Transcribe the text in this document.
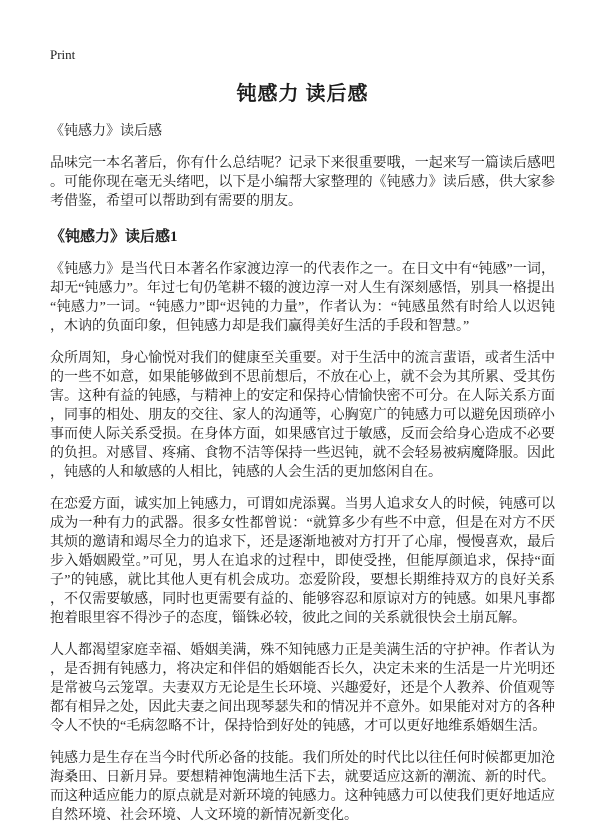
Print
钝感力 读后感

《钝感力》读后感

品味完一本名著后，你有什么总结呢？记录下来很重要哦，一起来写一篇读后感吧。可能你现在毫无头绪吧，以下是小编帮大家整理的《钝感力》读后感，供大家参考借鉴，希望可以帮助到有需要的朋友。

《钝感力》读后感1

《钝感力》是当代日本著名作家渡边淳一的代表作之一。在日文中有“钝感”一词，却无“钝感力”。年过七旬仍笔耕不辍的渡边淳一对人生有深刻感悟，别具一格提出“钝感力”一词。“钝感力”即“迟钝的力量”，作者认为：“钝感虽然有时给人以迟钝，木讷的负面印象，但钝感力却是我们赢得美好生活的手段和智慧。”

众所周知，身心愉悦对我们的健康至关重要。对于生活中的流言蜚语，或者生活中的一些不如意，如果能够做到不思前想后，不放在心上，就不会为其所累、受其伤害。这种有益的钝感，与精神上的安定和保持心情愉快密不可分。在人际关系方面，同事的相处、朋友的交往、家人的沟通等，心胸宽广的钝感力可以避免因琐碎小事而使人际关系受损。在身体方面，如果感官过于敏感，反而会给身心造成不必要的负担。对感冒、疼痛、食物不洁等保持一些迟钝，就不会轻易被病魔降服。因此，钝感的人和敏感的人相比，钝感的人会生活的更加悠闲自在。

在恋爱方面，诚实加上钝感力，可谓如虎添翼。当男人追求女人的时候，钝感可以成为一种有力的武器。很多女性都曾说：“就算多少有些不中意，但是在对方不厌其烦的邀请和竭尽全力的追求下，还是逐渐地被对方打开了心扉，慢慢喜欢，最后步入婚姻殿堂。”可见，男人在追求的过程中，即使受挫，但能厚颜追求，保持“面子”的钝感，就比其他人更有机会成功。恋爱阶段，要想长期维持双方的良好关系，不仅需要敏感，同时也更需要有益的、能够容忍和原谅对方的钝感。如果凡事都抱着眼里容不得沙子的态度，锱铢必较，彼此之间的关系就很快会土崩瓦解。

人人都渴望家庭幸福、婚姻美满，殊不知钝感力正是美满生活的守护神。作者认为，是否拥有钝感力，将决定和伴侣的婚姻能否长久，决定未来的生活是一片光明还是常被乌云笼罩。夫妻双方无论是生长环境、兴趣爱好，还是个人教养、价值观等都有相异之处，因此夫妻之间出现琴瑟失和的情况并不意外。如果能对对方的各种令人不快的“毛病忽略不计，保持恰到好处的钝感，才可以更好地维系婚姻生活。

钝感力是生存在当今时代所必备的技能。我们所处的时代比以往任何时候都更加沧海桑田、日新月异。要想精神饱满地生活下去，就要适应这新的潮流、新的时代。而这种适应能力的原点就是对新环境的钝感力。这种钝感力可以使我们更好地适应自然环境、社会环境、人文环境的新情况新变化。
